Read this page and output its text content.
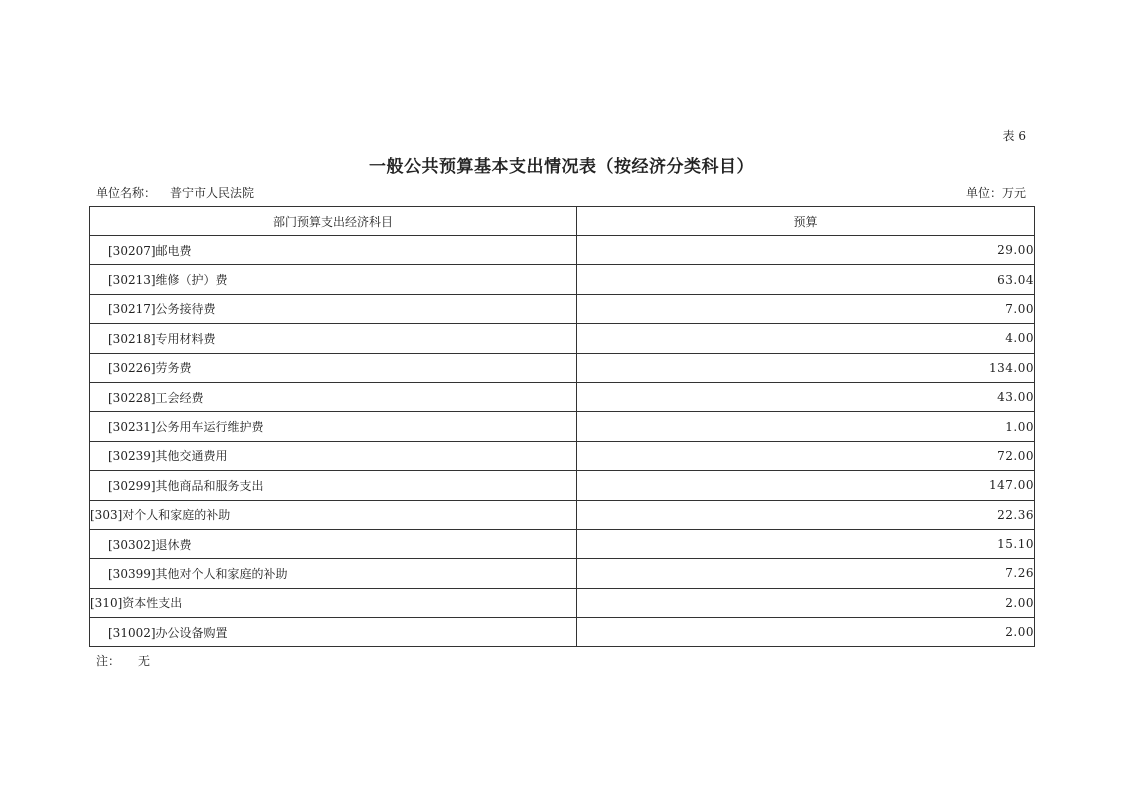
表 6
一般公共预算基本支出情况表（按经济分类科目）
单位名称： 普宁市人民法院	单位：万元
部门预算支出经济科目	预算
[30207]邮电费	29.00
[30213]维修（护）费	63.04
[30217]公务接待费	7.00
[30218]专用材料费	4.00
[30226]劳务费	134.00
[30228]工会经费	43.00
[30231]公务用车运行维护费	1.00
[30239]其他交通费用	72.00
[30299]其他商品和服务支出	147.00
[303]对个人和家庭的补助	22.36
[30302]退休费	15.10
[30399]其他对个人和家庭的补助	7.26
[310]资本性支出	2.00
[31002]办公设备购置	2.00
注： 无
